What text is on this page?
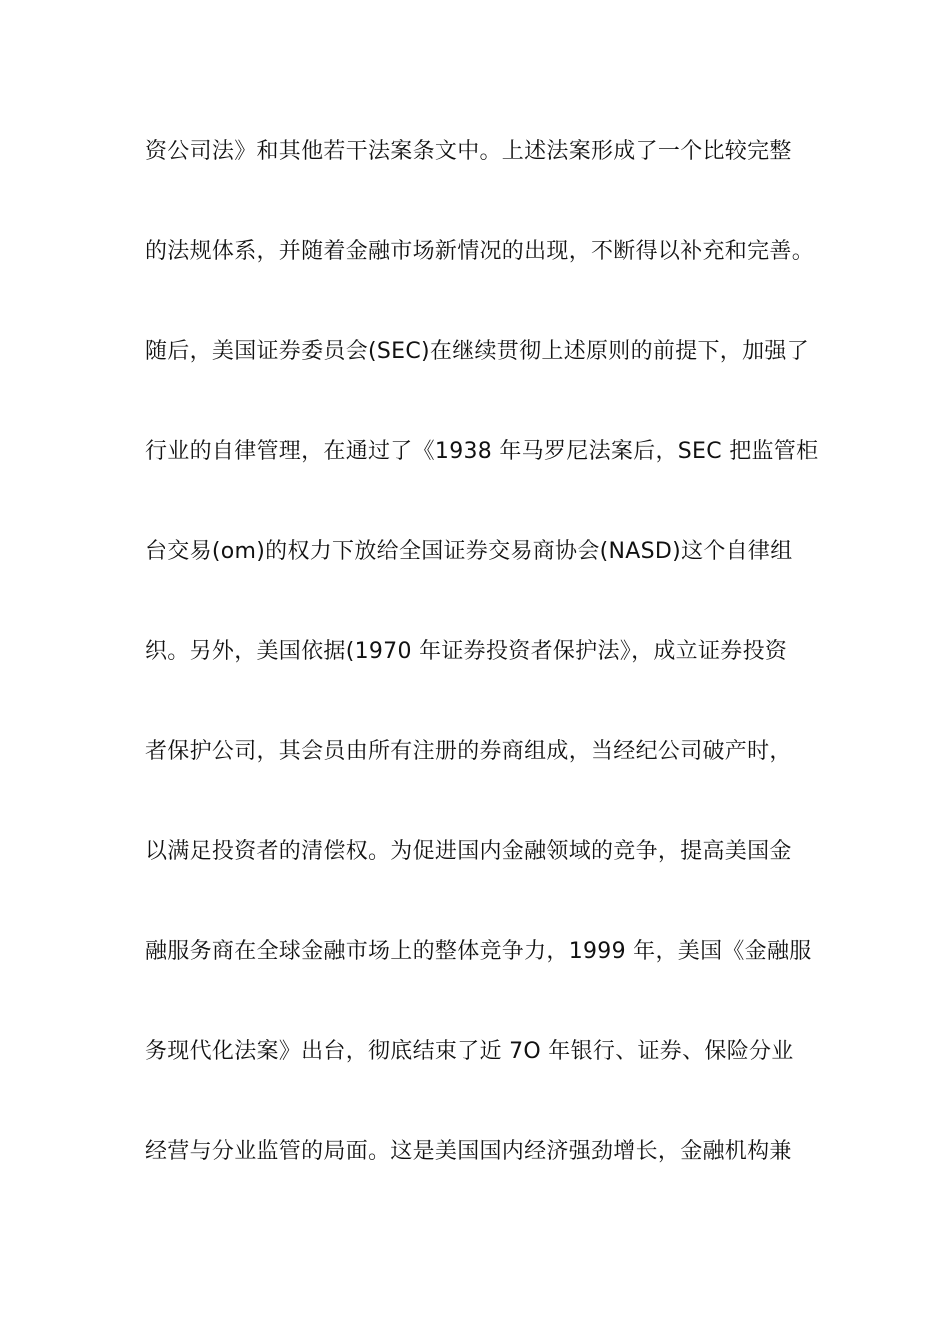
资公司法》和其他若干法案条文中。上述法案形成了一个比较完整
的法规体系，并随着金融市场新情况的出现，不断得以补充和完善。
随后，美国证券委员会(SEC)在继续贯彻上述原则的前提下，加强了
行业的自律管理，在通过了《1938 年马罗尼法案后，SEC 把监管柜
台交易(om)的权力下放给全国证券交易商协会(NASD)这个自律组
织。另外，美国依据(1970 年证券投资者保护法》，成立证券投资
者保护公司，其会员由所有注册的券商组成，当经纪公司破产时，
以满足投资者的清偿权。为促进国内金融领域的竞争，提高美国金
融服务商在全球金融市场上的整体竞争力，1999 年，美国《金融服
务现代化法案》出台，彻底结束了近 7O 年银行、证券、保险分业
经营与分业监管的局面。这是美国国内经济强劲增长，金融机构兼
